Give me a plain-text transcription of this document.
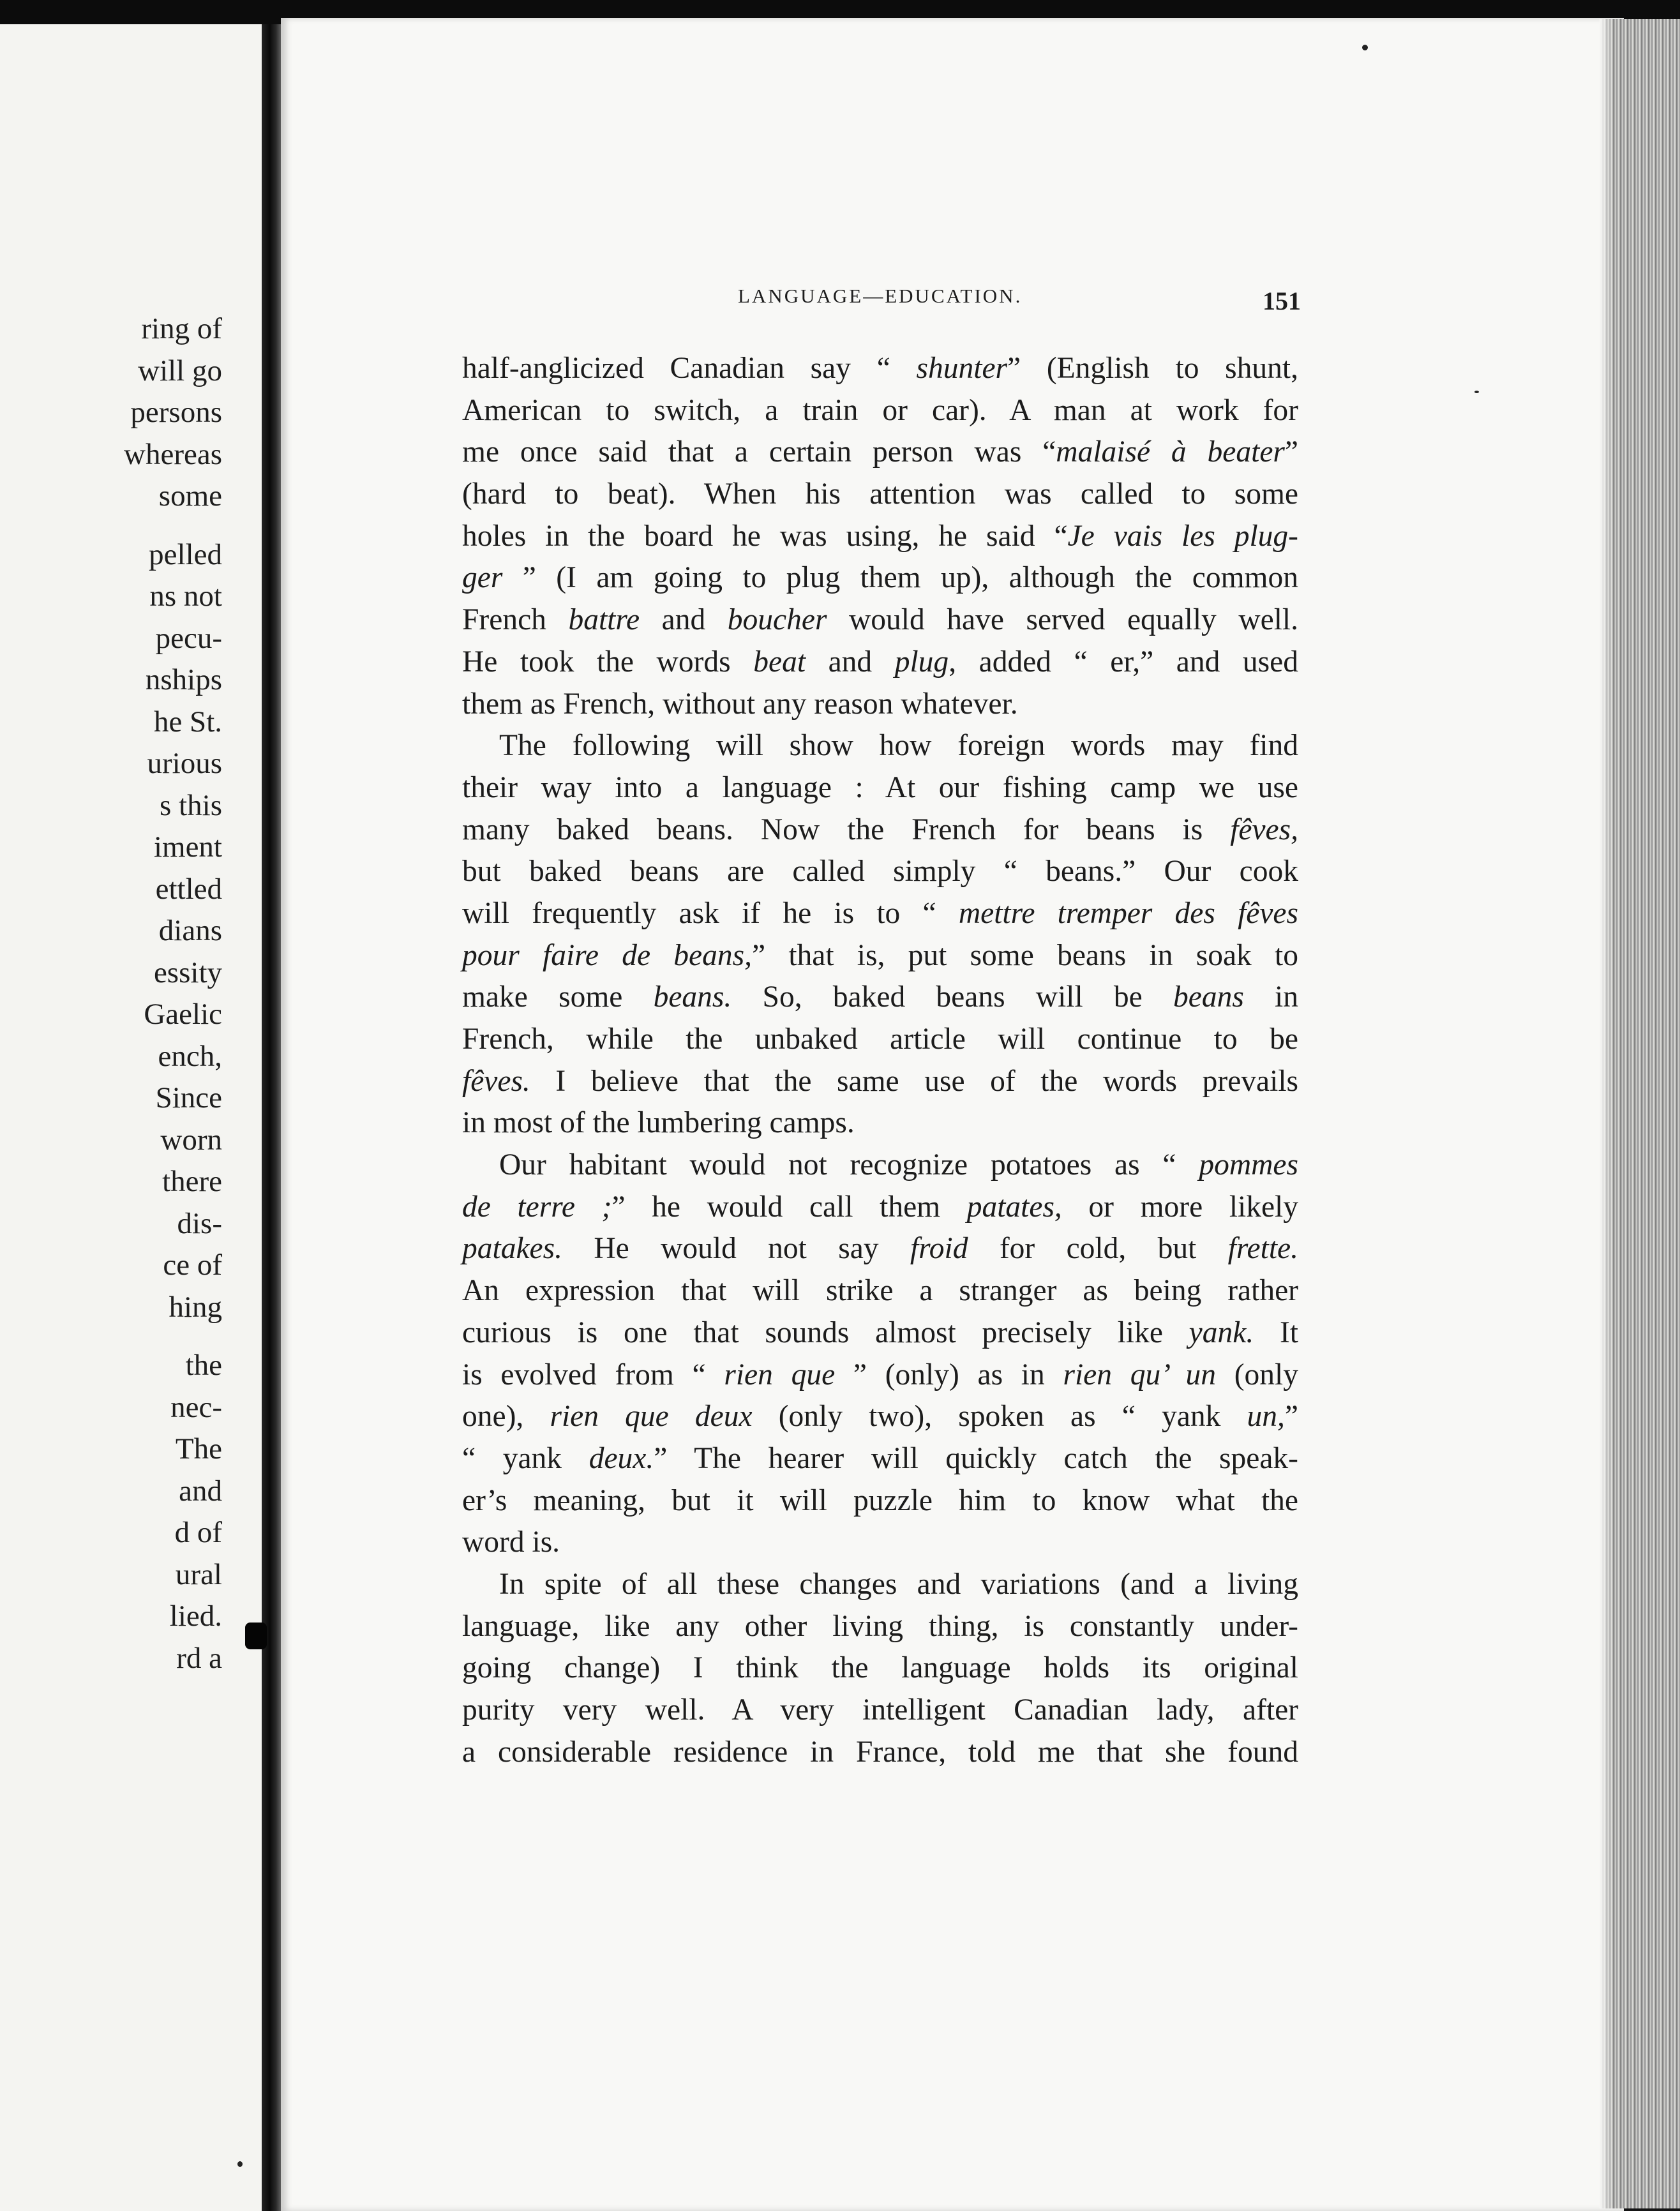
ring of

will go

persons

whereas

some

pelled

ns not

pecu-

nships

he St.

urious

s this

iment

ettled

dians

essity

Gaelic

ench,

Since

worn

there

dis-

ce of

hing

the

nec-

The

and

d of

ural

lied.

rd a

LANGUAGE—EDUCATION.	151

half-anglicized Canadian say “ shunter” (English to shunt,

American to switch, a train or car). A man at work for

me once said that a certain person was “malaisé à beater”

(hard to beat). When his attention was called to some

holes in the board he was using, he said “Je vais les plug-

ger ” (I am going to plug them up), although the common

French battre and boucher would have served equally well.

He took the words beat and plug, added “ er,” and used

them as French, without any reason whatever.

The following will show how foreign words may find

their way into a language : At our fishing camp we use

many baked beans. Now the French for beans is fêves,

but baked beans are called simply “ beans.” Our cook

will frequently ask if he is to “ mettre tremper des fêves

pour faire de beans,” that is, put some beans in soak to

make some beans. So, baked beans will be beans in

French, while the unbaked article will continue to be

fêves. I believe that the same use of the words prevails

in most of the lumbering camps.

Our habitant would not recognize potatoes as “ pommes

de terre ;” he would call them patates, or more likely

patakes. He would not say froid for cold, but frette.

An expression that will strike a stranger as being rather

curious is one that sounds almost precisely like yank. It

is evolved from “ rien que ” (only) as in rien qu’ un (only

one), rien que deux (only two), spoken as “ yank un,”

“ yank deux.” The hearer will quickly catch the speak-

er’s meaning, but it will puzzle him to know what the

word is.

In spite of all these changes and variations (and a living

language, like any other living thing, is constantly under-

going change) I think the language holds its original

purity very well. A very intelligent Canadian lady, after

a considerable residence in France, told me that she found
